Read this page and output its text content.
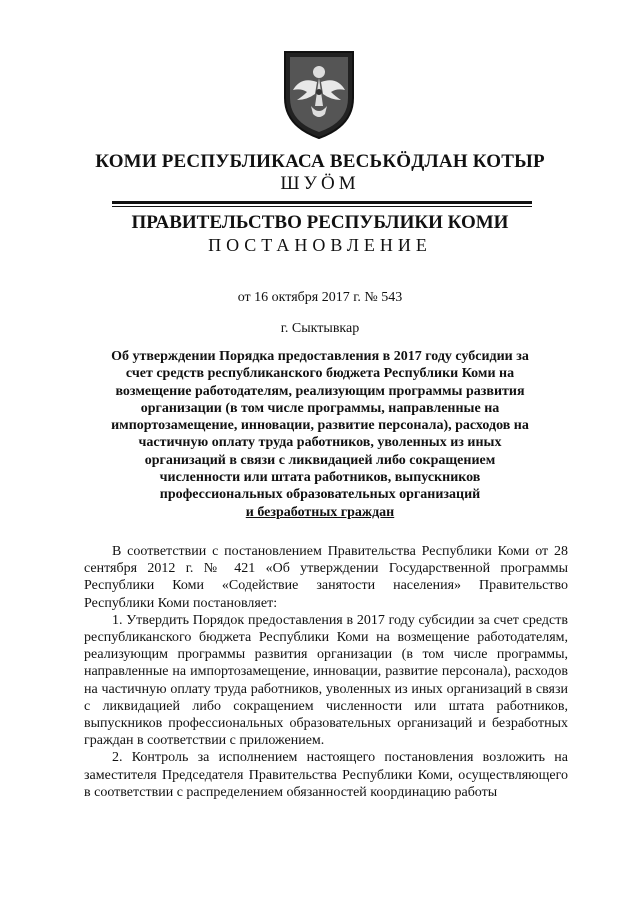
КОМИ РЕСПУБЛИКАСА ВЕСЬКÖДЛАН КОТЫР
ШУÖМ
ПРАВИТЕЛЬСТВО РЕСПУБЛИКИ КОМИ
ПОСТАНОВЛЕНИЕ
от 16 октября 2017 г. № 543
г. Сыктывкар
Об утверждении Порядка предоставления в 2017 году субсидии за счет средств республиканского бюджета Республики Коми на возмещение работодателям, реализующим программы развития организации (в том числе программы, направленные на импортозамещение, инновации, развитие персонала), расходов на частичную оплату труда работников, уволенных из иных организаций в связи с ликвидацией либо сокращением численности или штата работников, выпускников профессиональных образовательных организаций
и безработных граждан

В соответствии с постановлением Правительства Республики Коми от 28 сентября 2012 г. № 421 «Об утверждении Государственной программы Республики Коми «Содействие занятости населения» Правительство Республики Коми постановляет:

1. Утвердить Порядок предоставления в 2017 году субсидии за счет средств республиканского бюджета Республики Коми на возмещение работодателям, реализующим программы развития организации (в том числе программы, направленные на импортозамещение, инновации, развитие персонала), расходов на частичную оплату труда работников, уволенных из иных организаций в связи с ликвидацией либо сокращением численности или штата работников, выпускников профессиональных образовательных организаций и безработных граждан в соответствии с приложением.

2. Контроль за исполнением настоящего постановления возложить на заместителя Председателя Правительства Республики Коми, осуществляющего в соответствии с распределением обязанностей координацию работы
